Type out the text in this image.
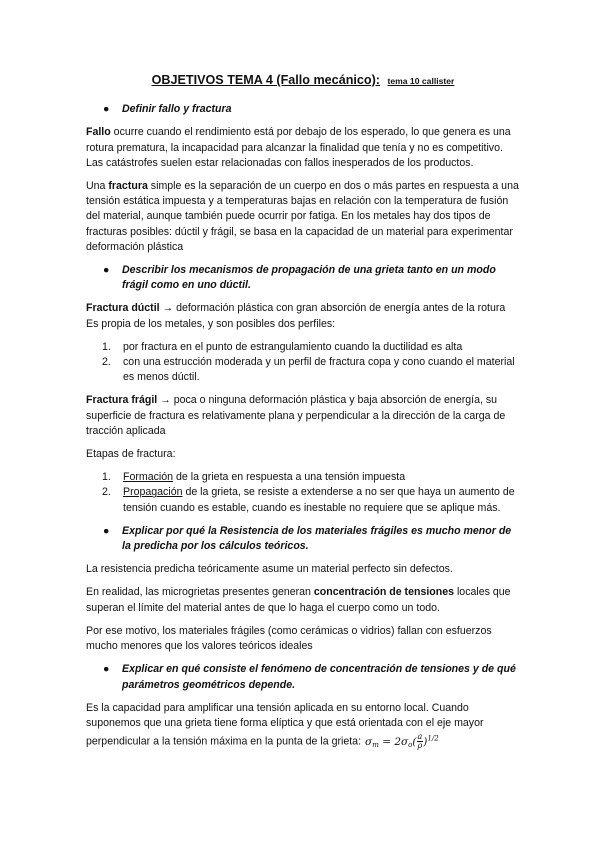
OBJETIVOS TEMA 4 (Fallo mecánico): tema 10 callister
● Definir fallo y fractura

Fallo ocurre cuando el rendimiento está por debajo de los esperado, lo que genera es una rotura prematura, la incapacidad para alcanzar la finalidad que tenía y no es competitivo. Las catástrofes suelen estar relacionadas con fallos inesperados de los productos.

Una fractura simple es la separación de un cuerpo en dos o más partes en respuesta a una tensión estática impuesta y a temperaturas bajas en relación con la temperatura de fusión del material, aunque también puede ocurrir por fatiga. En los metales hay dos tipos de fracturas posibles: dúctil y frágil, se basa en la capacidad de un material para experimentar deformación plástica

● Describir los mecanismos de propagación de una grieta tanto en un modo frágil como en uno dúctil.

Fractura dúctil → deformación plástica con gran absorción de energía antes de la rotura Es propia de los metales, y son posibles dos perfiles:

1. por fractura en el punto de estrangulamiento cuando la ductilidad es alta
2. con una estrucción moderada y un perfil de fractura copa y cono cuando el material es menos dúctil.

Fractura frágil → poca o ninguna deformación plástica y baja absorción de energía, su superficie de fractura es relativamente plana y perpendicular a la dirección de la carga de tracción aplicada

Etapas de fractura:

1. Formación de la grieta en respuesta a una tensión impuesta
2. Propagación de la grieta, se resiste a extenderse a no ser que haya un aumento de tensión cuando es estable, cuando es inestable no requiere que se aplique más.
● Explicar por qué la Resistencia de los materiales frágiles es mucho menor de la predicha por los cálculos teóricos.

La resistencia predicha teóricamente asume un material perfecto sin defectos.

En realidad, las microgrietas presentes generan concentración de tensiones locales que superan el límite del material antes de que lo haga el cuerpo como un todo.

Por ese motivo, los materiales frágiles (como cerámicas o vidrios) fallan con esfuerzos mucho menores que los valores teóricos ideales

● Explicar en qué consiste el fenómeno de concentración de tensiones y de qué parámetros geométricos depende.

Es la capacidad para amplificar una tensión aplicada en su entorno local. Cuando suponemos que una grieta tiene forma elíptica y que está orientada con el eje mayor perpendicular a la tensión máxima en la punta de la grieta: $\sigma m = 2\sigma o( \frac{a}{\rho} )^{1/2}$
